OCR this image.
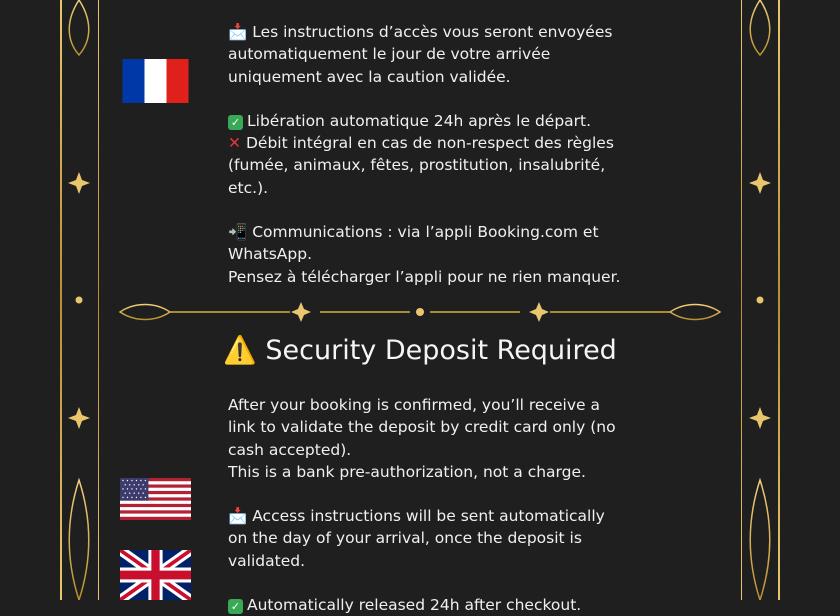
📩 Les instructions d’accès vous seront envoyées automatiquement le jour de votre arrivée uniquement avec la caution validée.

✓ Libération automatique 24h après le départ.

✕ Débit intégral en cas de non-respect des règles (fumée, animaux, fêtes, prostitution, insalubrité, etc.).

📲 Communications : via l’appli Booking.com et WhatsApp.

Pensez à télécharger l’appli pour ne rien manquer.

⚠️ Security Deposit Required

After your booking is confirmed, you’ll receive a link to validate the deposit by credit card only (no cash accepted).

This is a bank pre-authorization, not a charge.

📩 Access instructions will be sent automatically on the day of your arrival, once the deposit is validated.

✓ Automatically released 24h after checkout.
